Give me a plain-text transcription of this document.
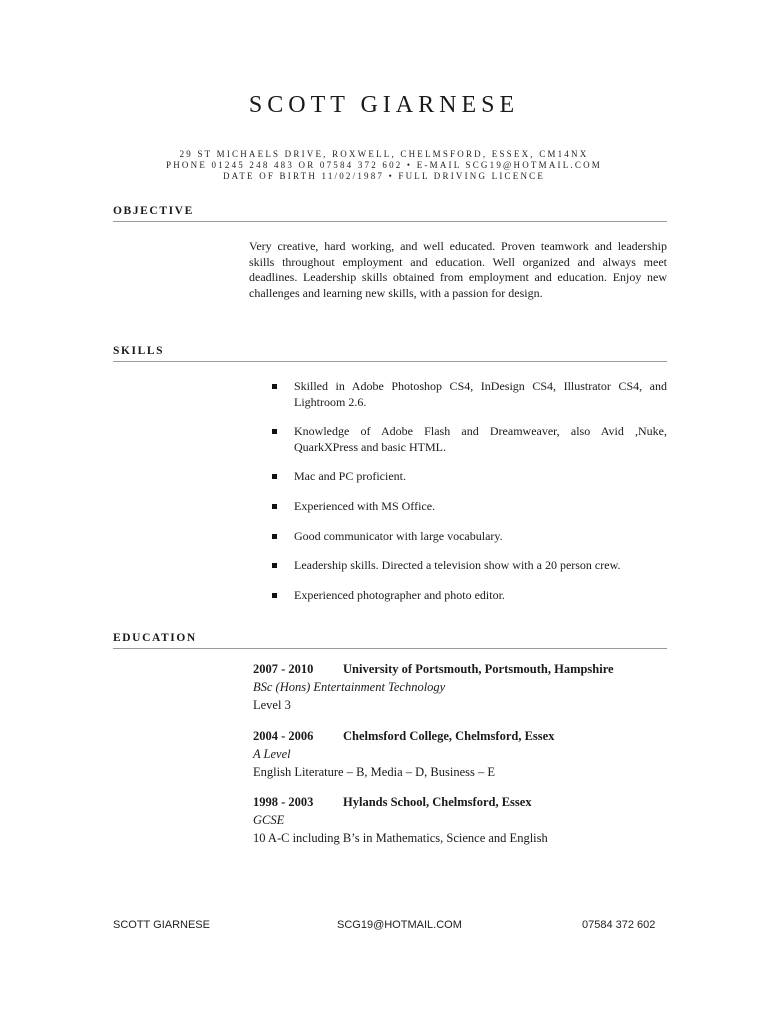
SCOTT GIARNESE
29 ST MICHAELS DRIVE, ROXWELL, CHELMSFORD, ESSEX, CM14NX
PHONE 01245 248 483 OR 07584 372 602 • E-MAIL SCG19@HOTMAIL.COM
DATE OF BIRTH 11/02/1987 • FULL DRIVING LICENCE
OBJECTIVE
Very creative, hard working, and well educated. Proven teamwork and leadership skills throughout employment and education. Well organized and always meet deadlines. Leadership skills obtained from employment and education. Enjoy new challenges and learning new skills, with a passion for design.
SKILLS
Skilled in Adobe Photoshop CS4, InDesign CS4, Illustrator CS4, and Lightroom 2.6.
Knowledge of Adobe Flash and Dreamweaver, also Avid ,Nuke, QuarkXPress and basic HTML.
Mac and PC proficient.
Experienced with MS Office.
Good communicator with large vocabulary.
Leadership skills. Directed a television show with a 20 person crew.
Experienced photographer and photo editor.
EDUCATION
2007 - 2010	University of Portsmouth, Portsmouth, Hampshire
BSc (Hons) Entertainment Technology
Level 3
2004 - 2006	Chelmsford College, Chelmsford, Essex
A Level
English Literature – B, Media – D, Business – E
1998 - 2003	Hylands School, Chelmsford, Essex
GCSE
10 A-C including B’s in Mathematics, Science and English
SCOTT GIARNESE	SCG19@HOTMAIL.COM	07584 372 602
